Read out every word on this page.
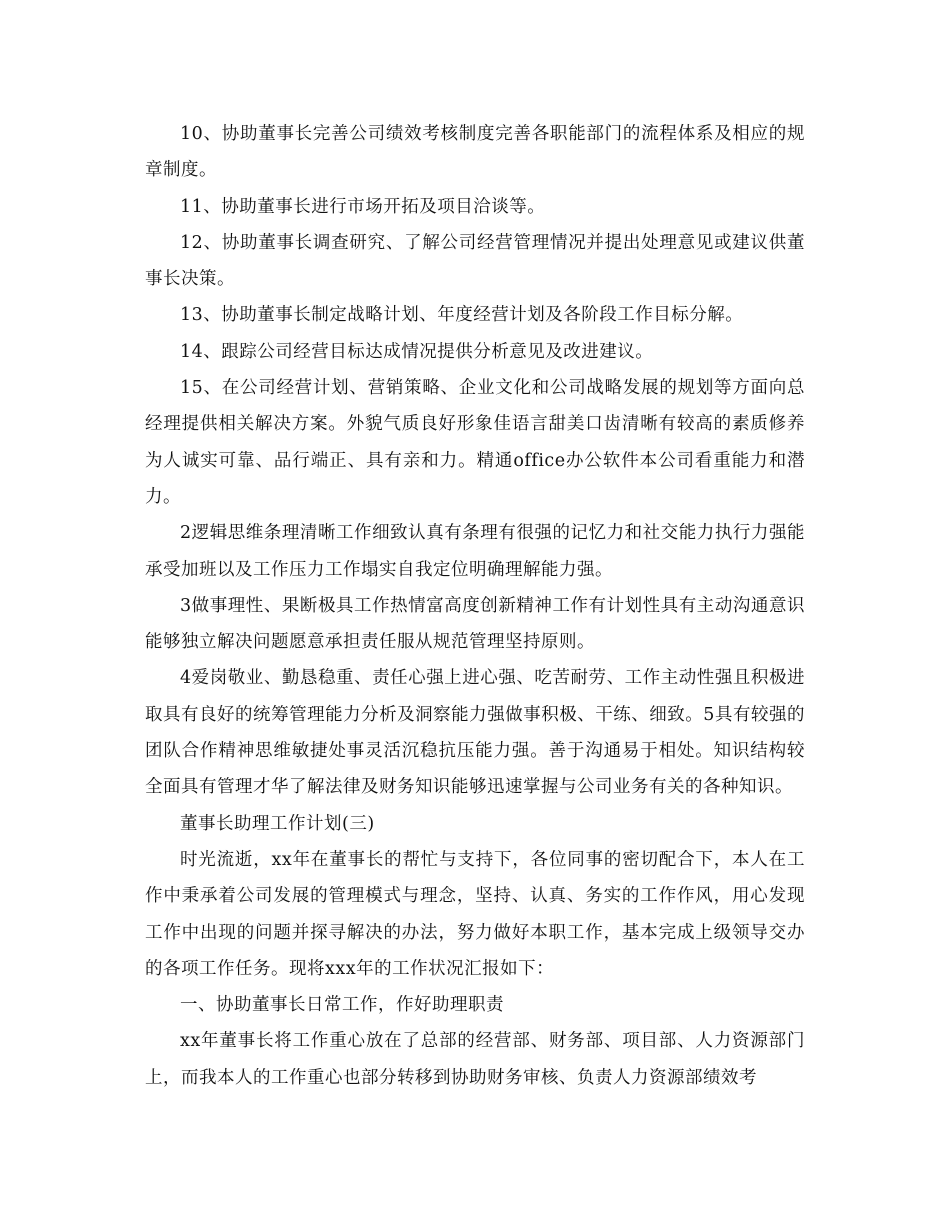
10、协助董事长完善公司绩效考核制度完善各职能部门的流程体系及相应的规章制度。

11、协助董事长进行市场开拓及项目洽谈等。

12、协助董事长调查研究、了解公司经营管理情况并提出处理意见或建议供董事长决策。

13、协助董事长制定战略计划、年度经营计划及各阶段工作目标分解。

14、跟踪公司经营目标达成情况提供分析意见及改进建议。

15、在公司经营计划、营销策略、企业文化和公司战略发展的规划等方面向总经理提供相关解决方案。外貌气质良好形象佳语言甜美口齿清晰有较高的素质修养为人诚实可靠、品行端正、具有亲和力。精通office办公软件本公司看重能力和潜力。

2逻辑思维条理清晰工作细致认真有条理有很强的记忆力和社交能力执行力强能承受加班以及工作压力工作塌实自我定位明确理解能力强。

3做事理性、果断极具工作热情富高度创新精神工作有计划性具有主动沟通意识能够独立解决问题愿意承担责任服从规范管理坚持原则。

4爱岗敬业、勤恳稳重、责任心强上进心强、吃苦耐劳、工作主动性强且积极进取具有良好的统筹管理能力分析及洞察能力强做事积极、干练、细致。5具有较强的团队合作精神思维敏捷处事灵活沉稳抗压能力强。善于沟通易于相处。知识结构较全面具有管理才华了解法律及财务知识能够迅速掌握与公司业务有关的各种知识。

董事长助理工作计划(三)

时光流逝，xx年在董事长的帮忙与支持下，各位同事的密切配合下，本人在工作中秉承着公司发展的管理模式与理念，坚持、认真、务实的工作作风，用心发现工作中出现的问题并探寻解决的办法，努力做好本职工作，基本完成上级领导交办的各项工作任务。现将xxx年的工作状况汇报如下：

一、协助董事长日常工作，作好助理职责

xx年董事长将工作重心放在了总部的经营部、财务部、项目部、人力资源部门上，而我本人的工作重心也部分转移到协助财务审核、负责人力资源部绩效考
